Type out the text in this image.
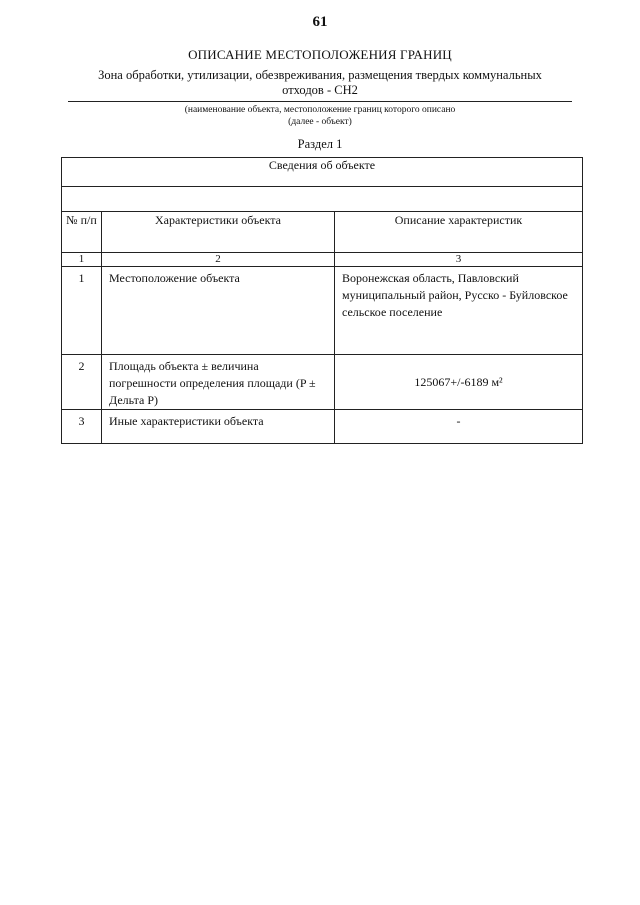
61
ОПИСАНИЕ МЕСТОПОЛОЖЕНИЯ ГРАНИЦ
Зона обработки, утилизации, обезвреживания, размещения твердых коммунальных
отходов - СН2
(наименование объекта, местоположение границ которого описано
(далее - объект)
Раздел 1
Сведения об объекте		

№ п/п	Характеристики объекта	Описание характеристик
1	2	3
1	Местоположение объекта	Воронежская область, Павловский муниципальный район, Русско - Буйловское сельское поселение
2	Площадь объекта ± величина погрешности определения площади (P ± Дельта P)	125067+/-6189 м²
3	Иные характеристики объекта	-
